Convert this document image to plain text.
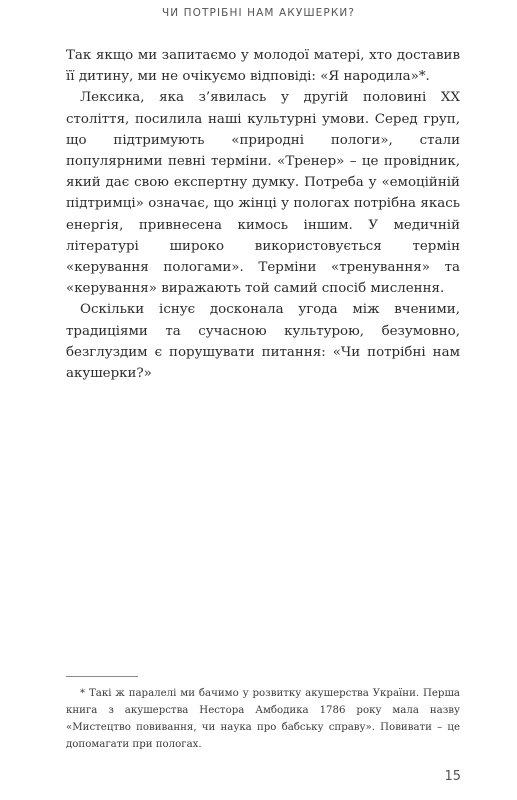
ЧИ ПОТРІБНІ НАМ АКУШЕРКИ?

Так якщо ми запитаємо у молодої матері, хто доставив її дитину, ми не очікуємо відповіді: «Я народила»*.

Лексика, яка з’явилась у другій половині XX століття, посилила наші культурні умови. Серед груп, що підтримують «природні пологи», стали популярними певні терміни. «Тренер» – це провідник, який дає свою експертну думку. Потреба у «емоційній підтримці» означає, що жінці у пологах потрібна якась енергія, привнесена кимось іншим. У медичній літературі широко використовується термін «керування пологами». Терміни «тренування» та «керування» виражають той самий спосіб мислення.

Оскільки існує досконала угода між вченими, традиціями та сучасною культурою, безумовно, безглуздим є порушувати питання: «Чи потрібні нам акушерки?»

* Такі ж паралелі ми бачимо у розвитку акушерства України. Перша книга з акушерства Нестора Амбодика 1786 року мала назву «Мистецтво повивання, чи наука про бабську справу». Повивати – це допомагати при пологах.

15
